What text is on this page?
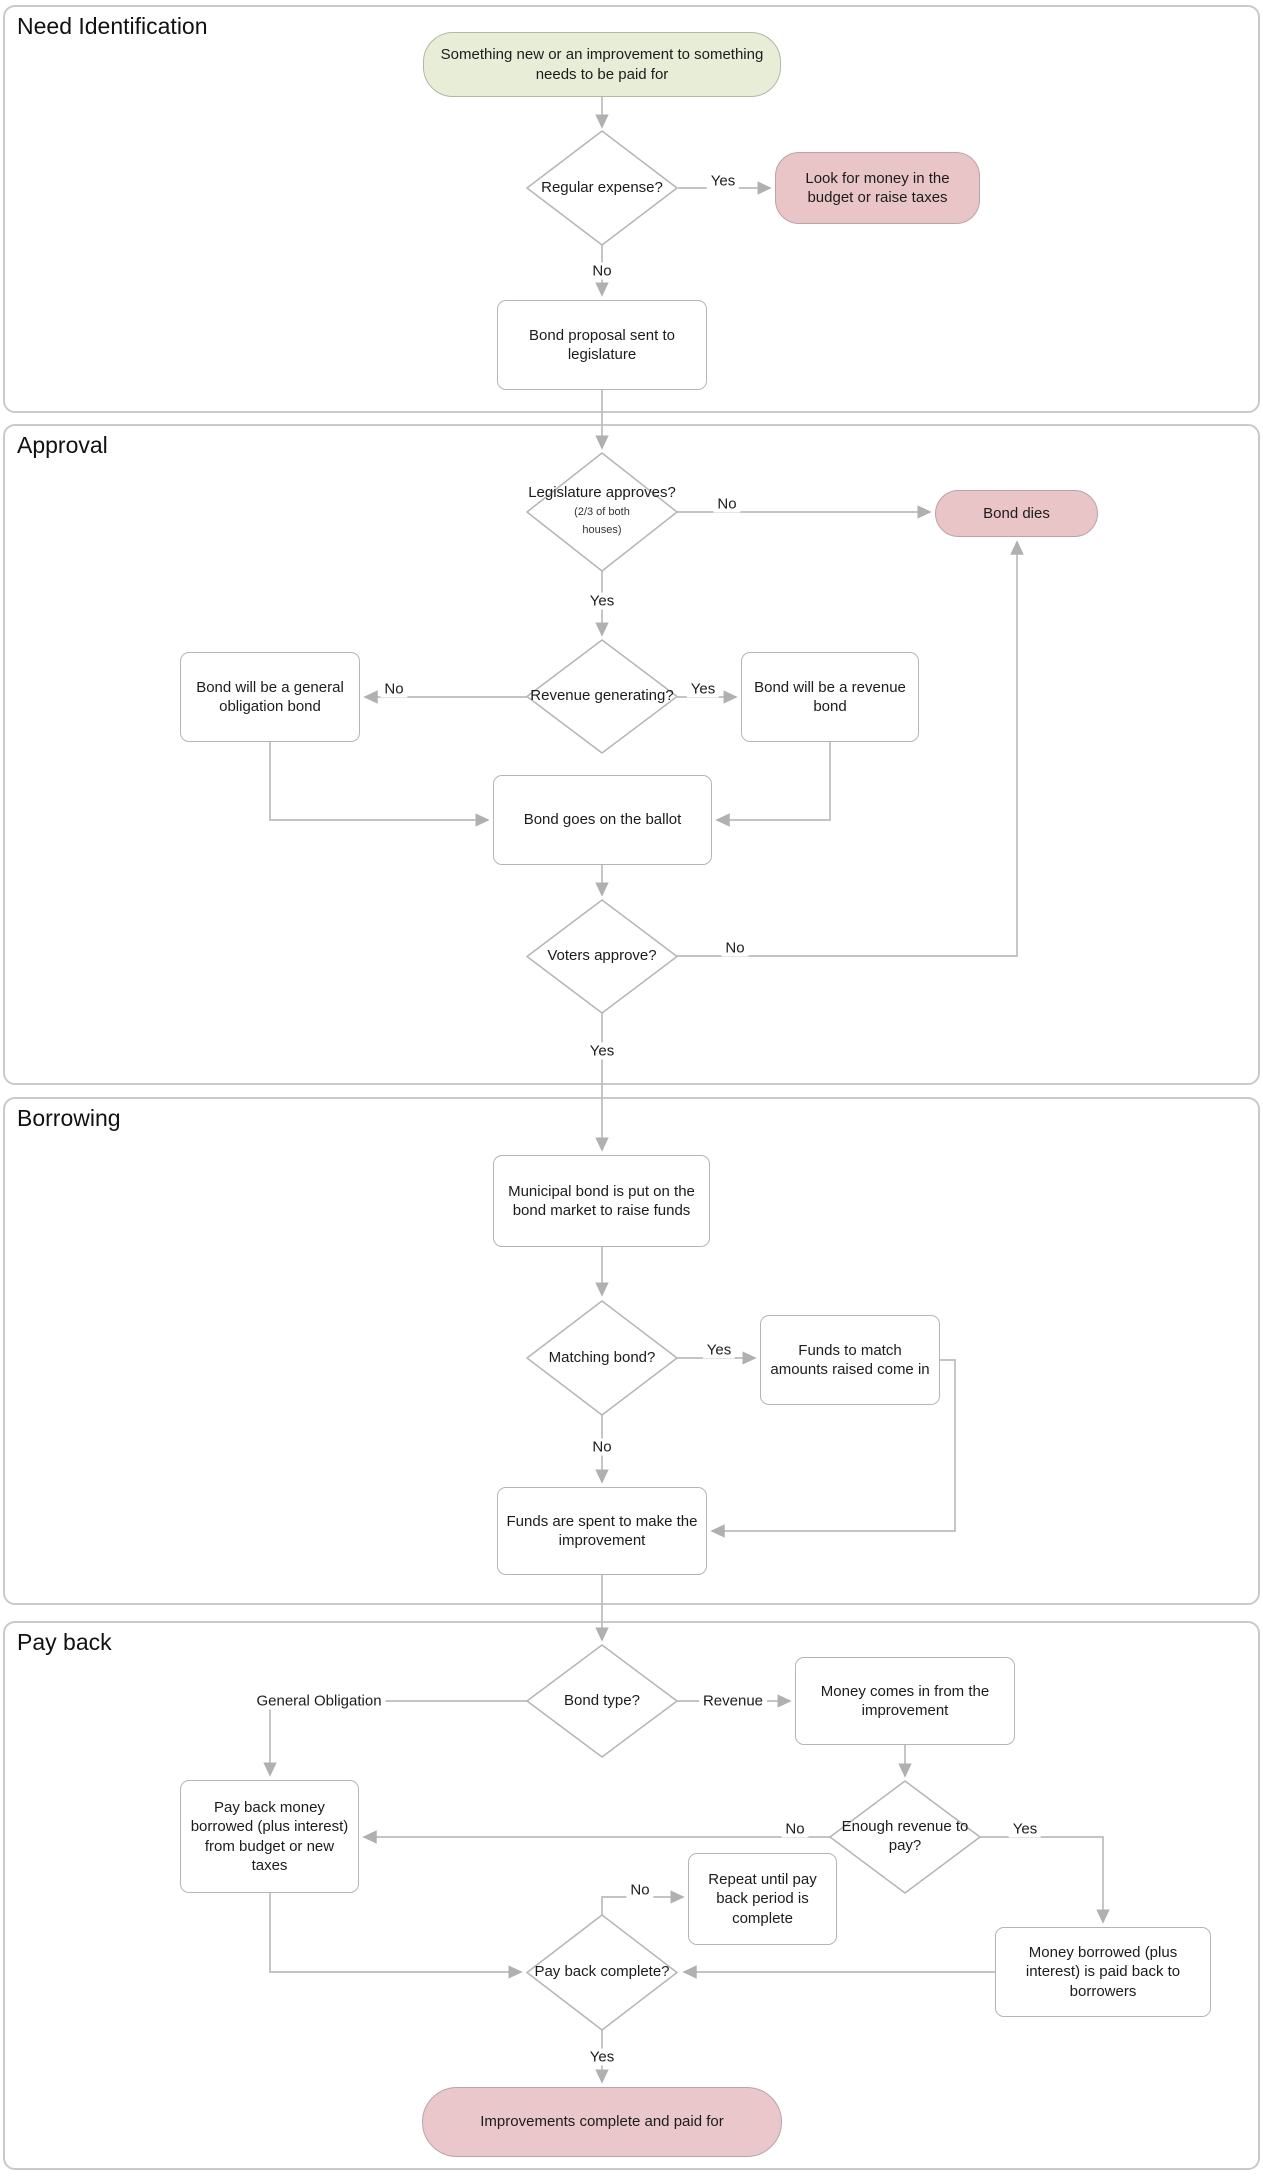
Need Identification
Approval
Borrowing
Pay back
Something new or an improvement to something needs to be paid for
Regular expense?
Look for money in the budget or raise taxes
Bond proposal sent to legislature
Legislature approves?
(2/3 of both
houses)
Bond dies
Revenue generating?
Bond will be a general obligation bond
Bond will be a revenue bond
Bond goes on the ballot
Voters approve?
Municipal bond is put on the bond market to raise funds
Matching bond?	Funds to match amounts raised come in
Funds are spent to make the improvement
Bond type?
Money comes in from the improvement
Enough revenue to pay?
Pay back money borrowed (plus interest) from budget or new taxes
Repeat until pay back period is complete
Money borrowed (plus interest) is paid back to borrowers
Pay back complete?
Improvements complete and paid for
Yes
No
No
Yes
No	Yes
No
Yes
Yes
No
General Obligation	Revenue
No	Yes
No
Yes
